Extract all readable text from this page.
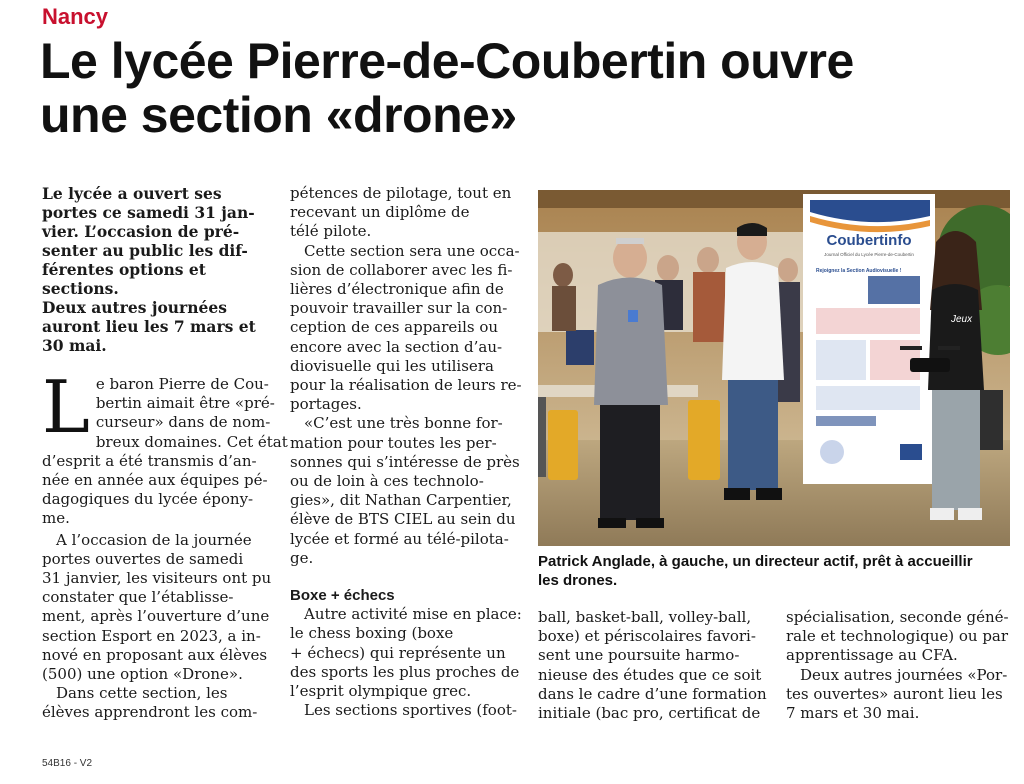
Nancy
Le lycée Pierre-de-Coubertin ouvre
une section «drone»

Le lycée a ouvert ses
portes ce samedi 31 jan-
vier. L’occasion de pré-
senter au public les dif-
férentes options et
sections.
Deux autres journées
auront lieu les 7 mars et
30 mai.

L e baron Pierre de Cou-
bertin aimait être «pré-
curseur» dans de nom-
breux domaines. Cet état
d’esprit a été transmis d’an-
née en année aux équipes pé-
dagogiques du lycée épony-
me.

A l’occasion de la journée
portes ouvertes de samedi
31 janvier, les visiteurs ont pu
constater que l’établisse-
ment, après l’ouverture d’une
section Esport en 2023, a in-
nové en proposant aux élèves
(500) une option «Drone».

Dans cette section, les
élèves apprendront les com-

pétences de pilotage, tout en
recevant un diplôme de
télé pilote.

Cette section sera une occa-
sion de collaborer avec les fi-
lières d’électronique afin de
pouvoir travailler sur la con-
ception de ces appareils ou
encore avec la section d’au-
diovisuelle qui les utilisera
pour la réalisation de leurs re-
portages.

«C’est une très bonne for-
mation pour toutes les per-
sonnes qui s’intéresse de près
ou de loin à ces technolo-
gies», dit Nathan Carpentier,
élève de BTS CIEL au sein du
lycée et formé au télé-pilota-
ge.

Boxe + échecs

Autre activité mise en place:
le chess boxing (boxe
+ échecs) qui représente un
des sports les plus proches de
l’esprit olympique grec.

Les sections sportives (foot-

Coubertinfo
Journal Officiel du Lycée Pierre-de-Coubertin
Rejoignez la Section Audiovisuelle !
Jeux
Patrick Anglade, à gauche, un directeur actif, prêt à accueillir
les drones.

ball, basket-ball, volley-ball,
boxe) et périscolaires favori-
sent une poursuite harmo-
nieuse des études que ce soit
dans le cadre d’une formation
initiale (bac pro, certificat de

spécialisation, seconde géné-
rale et technologique) ou par
apprentissage au CFA.

Deux autres journées «Por-
tes ouvertes» auront lieu les
7 mars et 30 mai.

54B16 - V2
